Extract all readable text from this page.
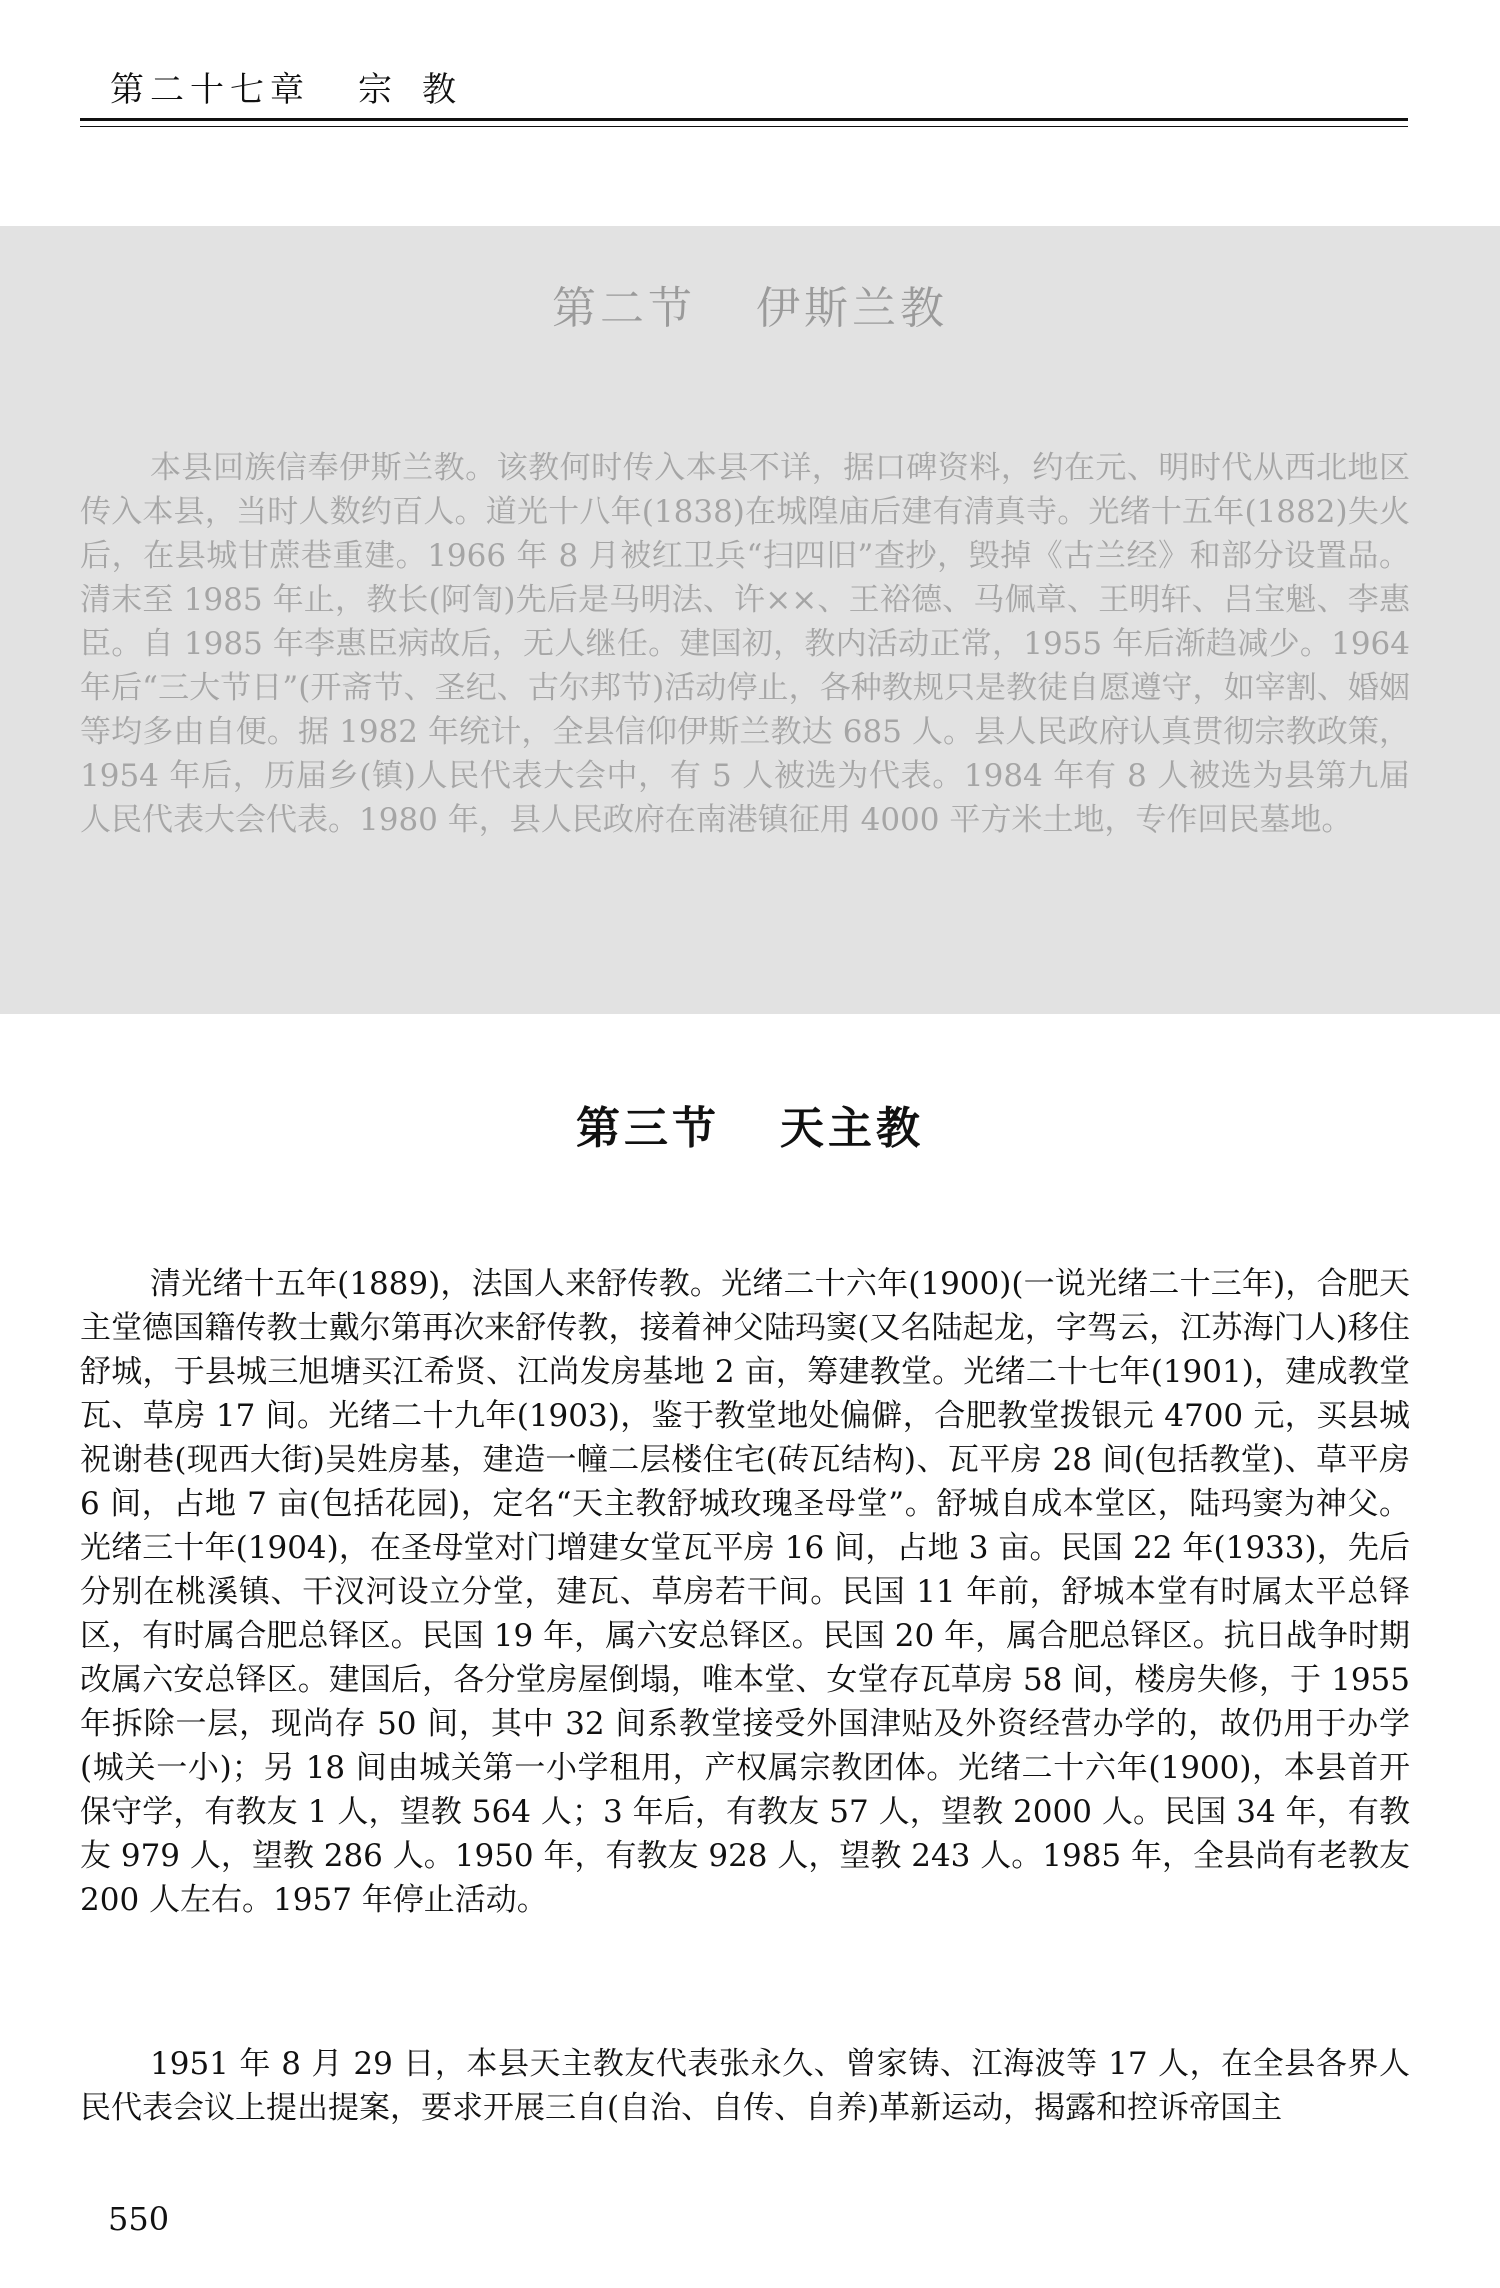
第二十七章 宗教
第二节 伊斯兰教

本县回族信奉伊斯兰教。该教何时传入本县不详，据口碑资料，约在元、明时代从西北地区传入本县，当时人数约百人。道光十八年(1838)在城隍庙后建有清真寺。光绪十五年(1882)失火后，在县城甘蔗巷重建。1966 年 8 月被红卫兵“扫四旧”查抄，毁掉《古兰经》和部分设置品。清末至 1985 年止，教长(阿訇)先后是马明法、许××、王裕德、马佩章、王明轩、吕宝魁、李惠臣。自 1985 年李惠臣病故后，无人继任。建国初，教内活动正常，1955 年后渐趋减少。1964 年后“三大节日”(开斋节、圣纪、古尔邦节)活动停止，各种教规只是教徒自愿遵守，如宰割、婚姻等均多由自便。据 1982 年统计，全县信仰伊斯兰教达 685 人。县人民政府认真贯彻宗教政策，1954 年后，历届乡(镇)人民代表大会中，有 5 人被选为代表。1984 年有 8 人被选为县第九届人民代表大会代表。1980 年，县人民政府在南港镇征用 4000 平方米土地，专作回民墓地。

第三节 天主教

清光绪十五年(1889)，法国人来舒传教。光绪二十六年(1900)(一说光绪二十三年)，合肥天主堂德国籍传教士戴尔第再次来舒传教，接着神父陆玛窦(又名陆起龙，字驾云，江苏海门人)移住舒城，于县城三旭塘买江希贤、江尚发房基地 2 亩，筹建教堂。光绪二十七年(1901)，建成教堂瓦、草房 17 间。光绪二十九年(1903)，鉴于教堂地处偏僻，合肥教堂拨银元 4700 元，买县城祝谢巷(现西大街)吴姓房基，建造一幢二层楼住宅(砖瓦结构)、瓦平房 28 间(包括教堂)、草平房 6 间，占地 7 亩(包括花园)，定名“天主教舒城玫瑰圣母堂”。舒城自成本堂区，陆玛窦为神父。光绪三十年(1904)，在圣母堂对门增建女堂瓦平房 16 间，占地 3 亩。民国 22 年(1933)，先后分别在桃溪镇、干汊河设立分堂，建瓦、草房若干间。民国 11 年前，舒城本堂有时属太平总铎区，有时属合肥总铎区。民国 19 年，属六安总铎区。民国 20 年，属合肥总铎区。抗日战争时期改属六安总铎区。建国后，各分堂房屋倒塌，唯本堂、女堂存瓦草房 58 间，楼房失修，于 1955 年拆除一层，现尚存 50 间，其中 32 间系教堂接受外国津贴及外资经营办学的，故仍用于办学(城关一小)；另 18 间由城关第一小学租用，产权属宗教团体。光绪二十六年(1900)，本县首开保守学，有教友 1 人，望教 564 人；3 年后，有教友 57 人，望教 2000 人。民国 34 年，有教友 979 人，望教 286 人。1950 年，有教友 928 人，望教 243 人。1985 年，全县尚有老教友 200 人左右。1957 年停止活动。

1951 年 8 月 29 日，本县天主教友代表张永久、曾家铸、江海波等 17 人，在全县各界人民代表会议上提出提案，要求开展三自(自治、自传、自养)革新运动，揭露和控诉帝国主

550
